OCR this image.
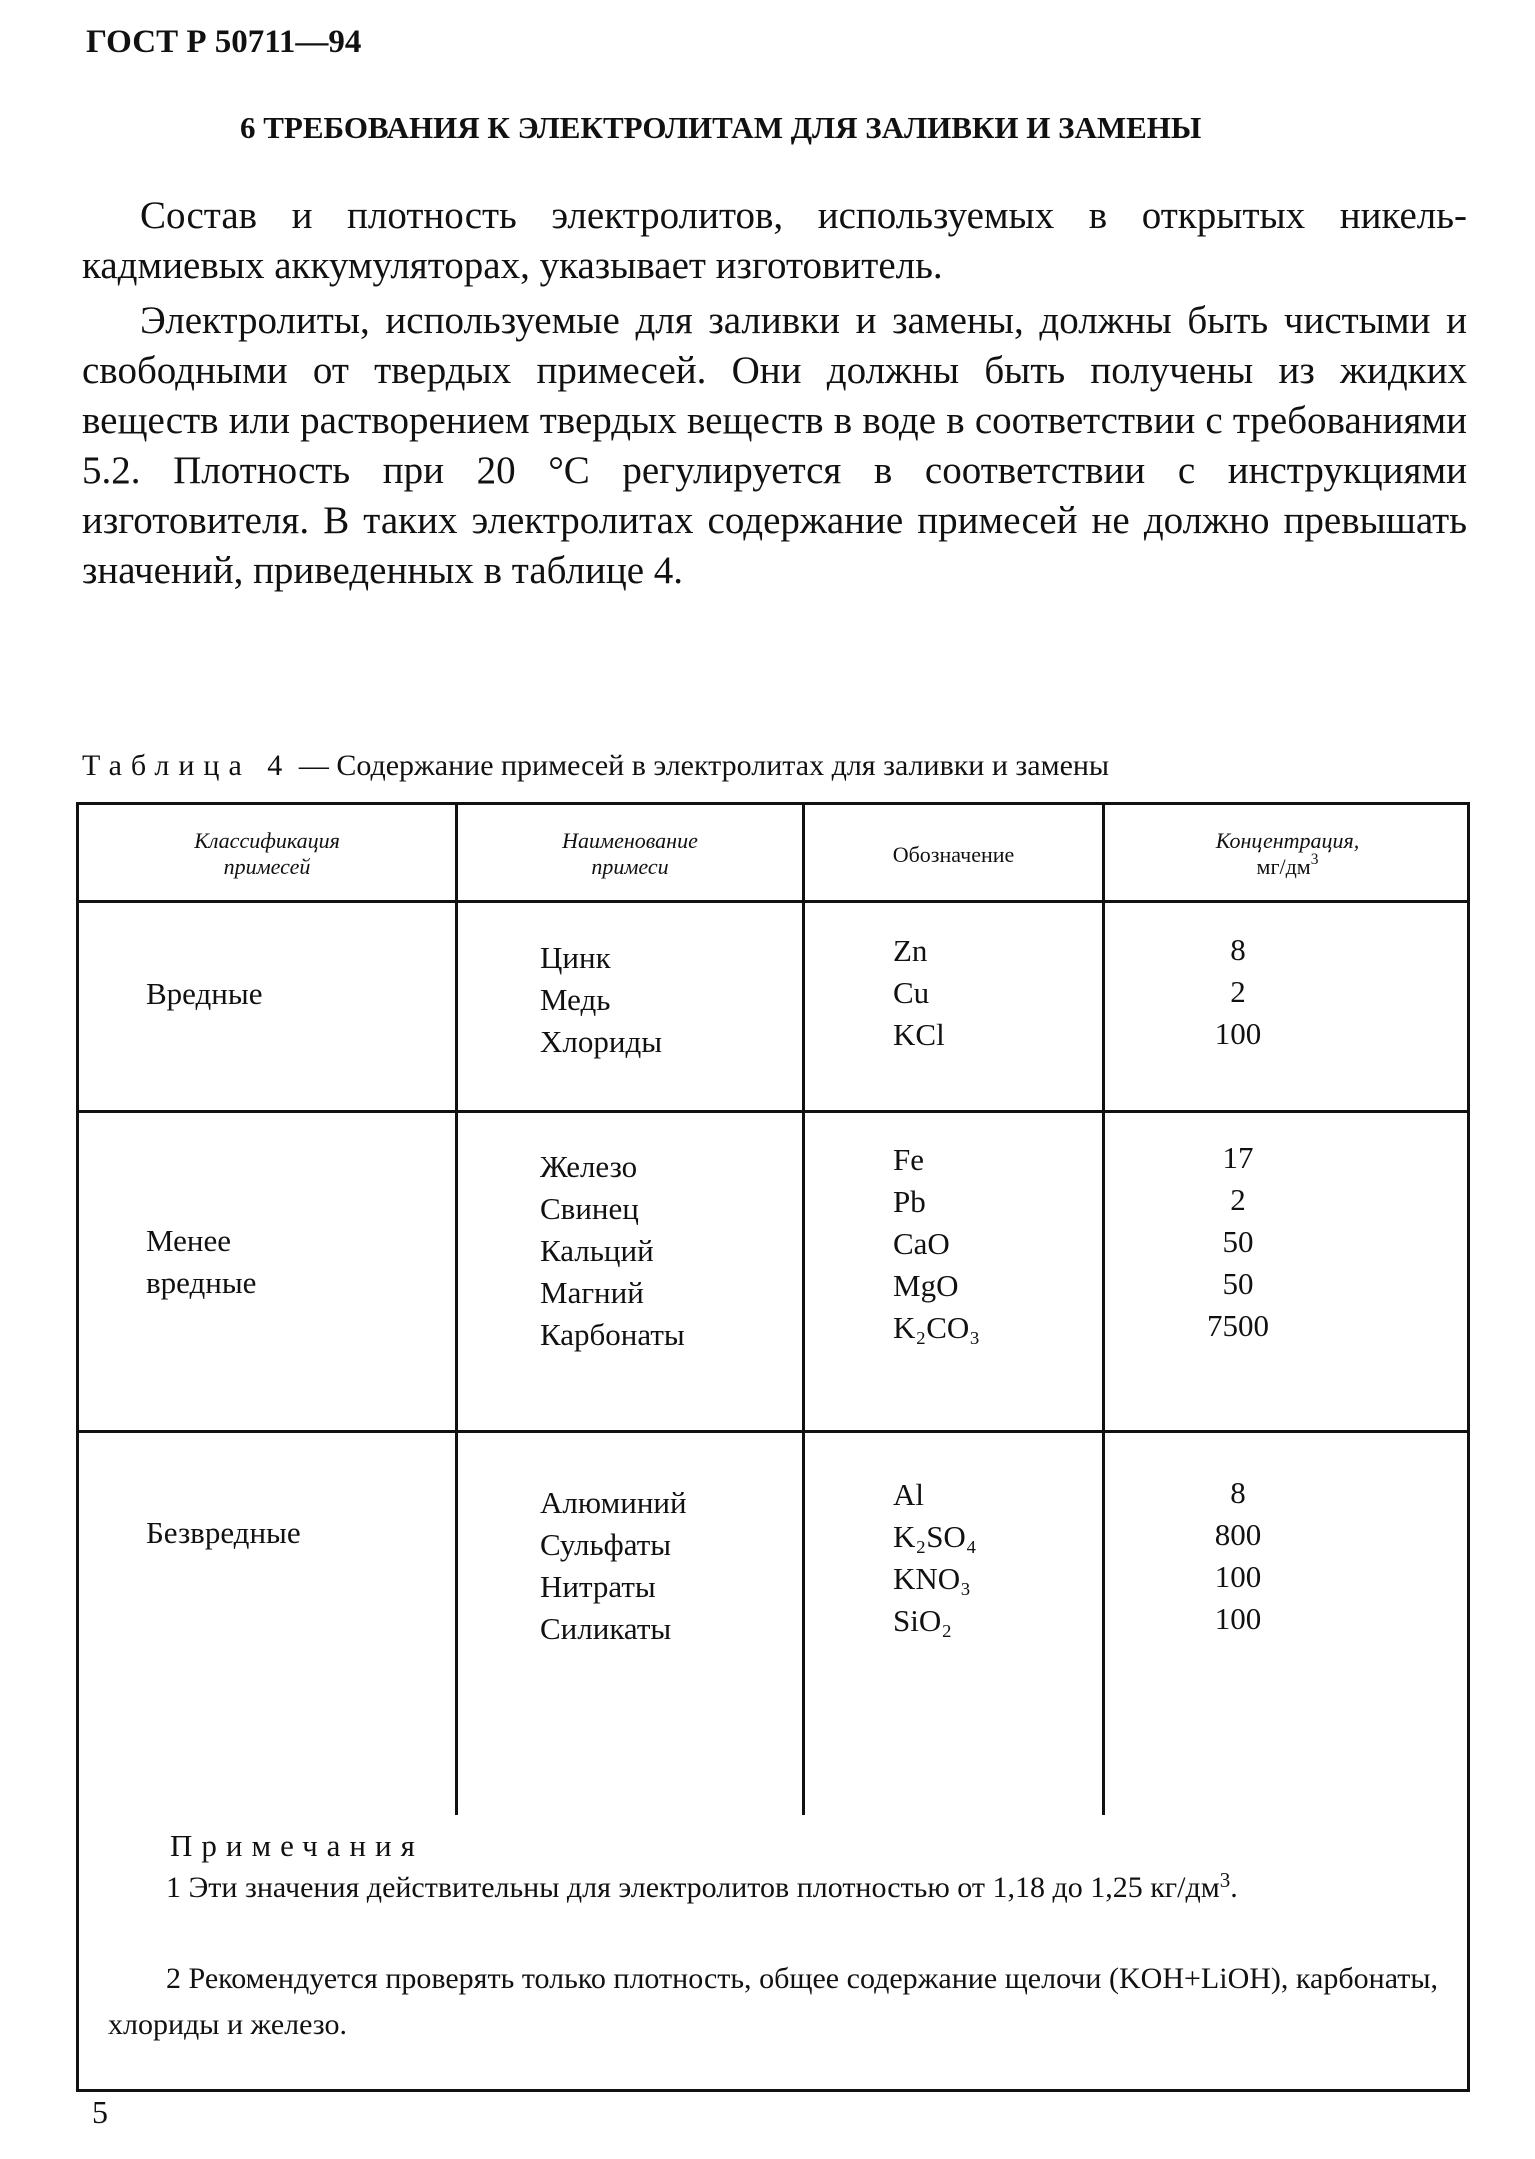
ГОСТ Р 50711—94
6 ТРЕБОВАНИЯ К ЭЛЕКТРОЛИТАМ ДЛЯ ЗАЛИВКИ И ЗАМЕНЫ

Состав и плотность электролитов, используемых в открытых никель-кадмиевых аккумуляторах, указывает изготовитель.

Электролиты, используемые для заливки и замены, должны быть чистыми и свободными от твердых примесей. Они должны быть получены из жидких веществ или растворением твердых веществ в воде в соответствии с требованиями 5.2. Плотность при 20 °С регулируется в соответствии с инструкциями изготовителя. В таких электролитах содержание примесей не должно превышать значений, приведенных в таблице 4.

Таблица 4 — Содержание примесей в электролитах для заливки и замены
Классификация
примесей
Наименование
примеси	Обозначение
Концентрация,
$мг/дм^3$
Вредные
Цинк
Медь
Хлориды
Zn
Cu
KCl
8
2
100
Менее
вредные
Железо
Свинец
Кальций
Магний
Карбонаты
Fe
Pb
CaO
MgO
K₂CO₃
17
2
50
50
7500
Безвредные
Алюминий
Сульфаты
Нитраты
Силикаты
Al
K₂SO₄
KNO₃
SiO₂
8
800
100
100
Примечания

1 Эти значения действительны для электролитов плотностью от 1,18 до 1,25 $кг/дм^3$.

2 Рекомендуется проверять только плотность, общее содержание щелочи (KOH+LiOH), карбонаты, хлориды и железо.

5
